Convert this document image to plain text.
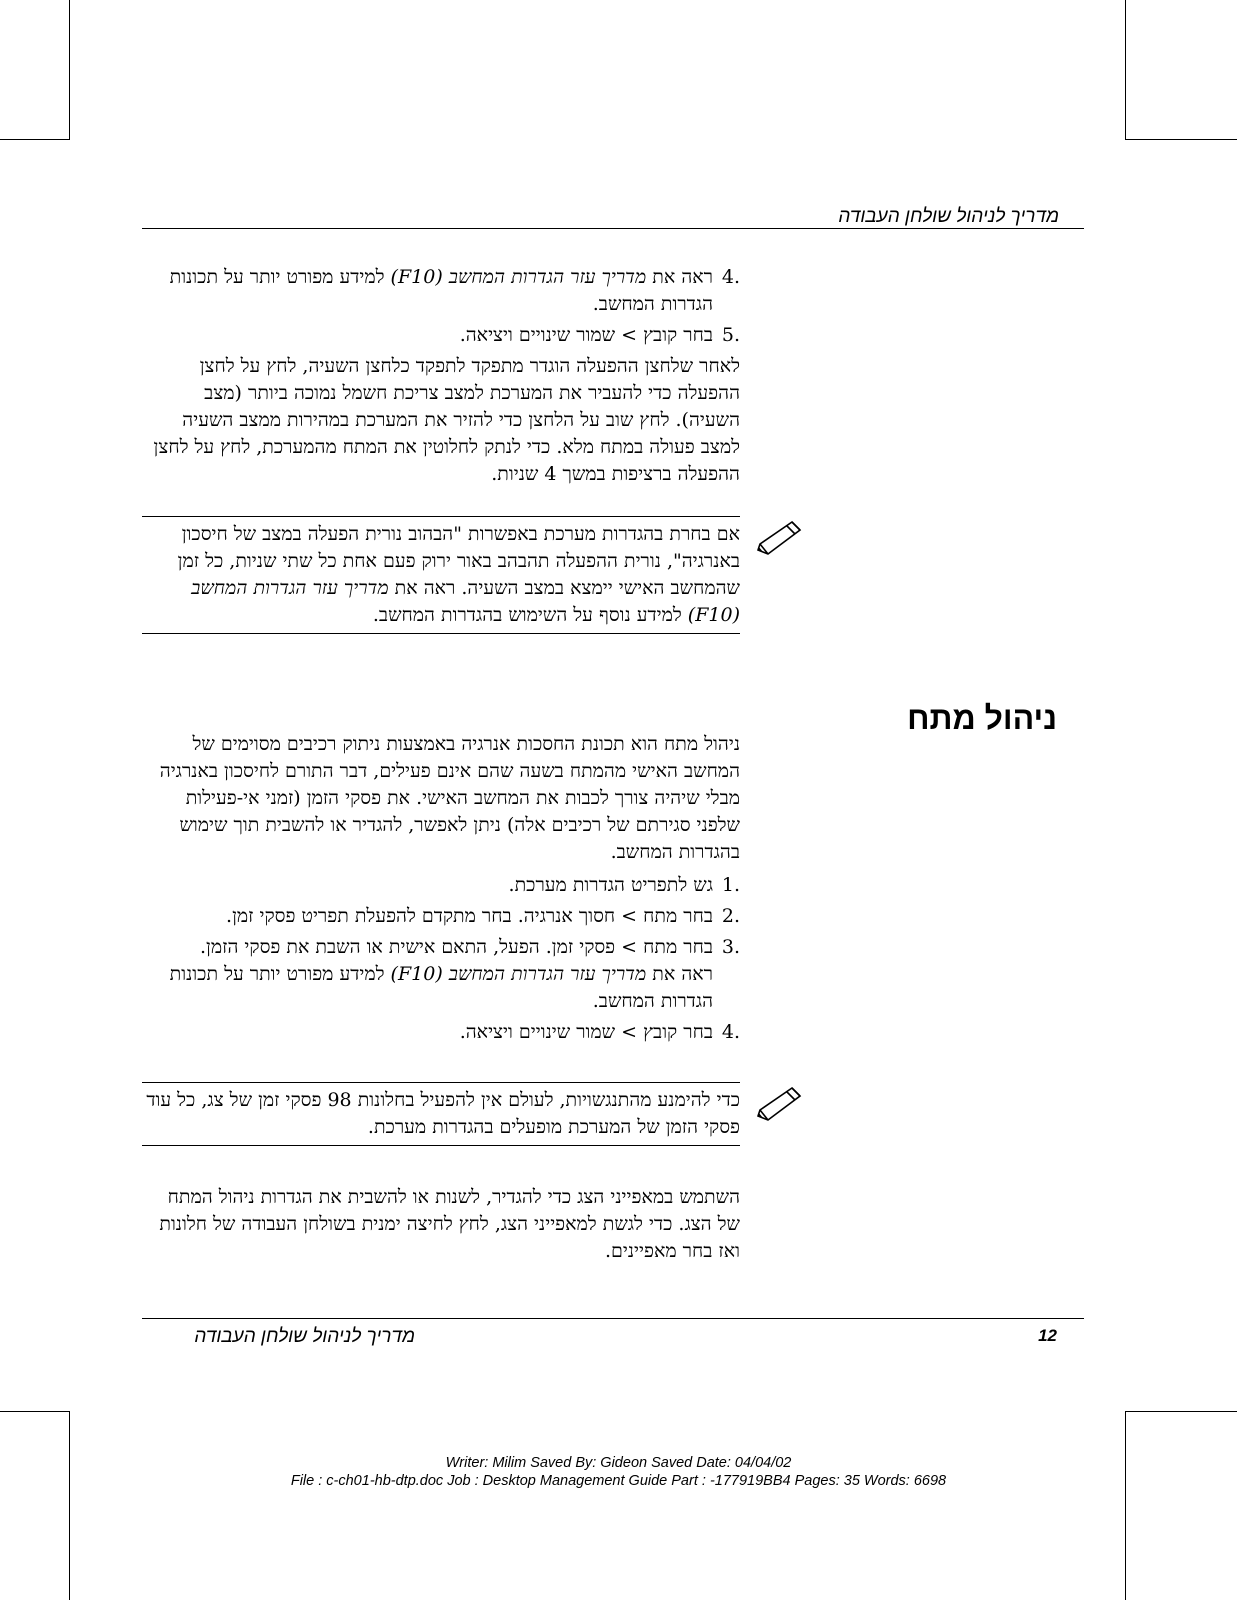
מדריך לניהול שולחן העבודה
4.
ראה את מדריך עזר הגדרות המחשב (F10) למידע מפורט יותר על תכונות הגדרות המחשב.
5.
בחר קובץ > שמור שינויים ויציאה.

לאחר שלחצן ההפעלה הוגדר מתפקד לתפקד כלחצן השעיה, לחץ על לחצן ההפעלה כדי להעביר את המערכת למצב צריכת חשמל נמוכה ביותר (מצב השעיה). לחץ שוב על הלחצן כדי להזיר את המערכת במהירות ממצב השעיה למצב פעולה במתח מלא. כדי לנתק לחלוטין את המתח מהמערכת, לחץ על לחצן ההפעלה ברציפות במשך 4 שניות.

אם בחרת בהגדרות מערכת באפשרות "הבהוב נורית הפעלה במצב של חיסכון באנרגיה", נורית ההפעלה תהבהב באור ירוק פעם אחת כל שתי שניות, כל זמן שהמחשב האישי יימצא במצב השעיה. ראה את מדריך עזר הגדרות המחשב (F10) למידע נוסף על השימוש בהגדרות המחשב.
ניהול מתח

ניהול מתח הוא תכונת החסכות אנרגיה באמצעות ניתוק רכיבים מסוימים של המחשב האישי מהמתח בשעה שהם אינם פעילים, דבר התורם לחיסכון באנרגיה מבלי שיהיה צורך לכבות את המחשב האישי. את פסקי הזמן (זמני אי-פעילות שלפני סגירתם של רכיבים אלה) ניתן לאפשר, להגדיר או להשבית תוך שימוש בהגדרות המחשב.

1.
גש לתפריט הגדרות מערכת.
2.
בחר מתח > חסוך אנרגיה. בחר מתקדם להפעלת תפריט פסקי זמן.
3.
בחר מתח > פסקי זמן. הפעל, התאם אישית או השבת את פסקי הזמן.
ראה את מדריך עזר הגדרות המחשב (F10) למידע מפורט יותר על תכונות הגדרות המחשב.
4.
בחר קובץ > שמור שינויים ויציאה.
כדי להימנע מהתנגשויות, לעולם אין להפעיל בחלונות 98 פסקי זמן של צג, כל עוד פסקי הזמן של המערכת מופעלים בהגדרות מערכת.

השתמש במאפייני הצג כדי להגדיר, לשנות או להשבית את הגדרות ניהול המתח של הצג. כדי לגשת למאפייני הצג, לחץ לחיצה ימנית בשולחן העבודה של חלונות ואז בחר מאפיינים.

מדריך לניהול שולחן העבודה	12
Writer: Milim Saved By: Gideon Saved Date: 04/04/02
File : c-ch01-hb-dtp.doc Job : Desktop Management Guide Part : -177919BB4 Pages: 35 Words: 6698
